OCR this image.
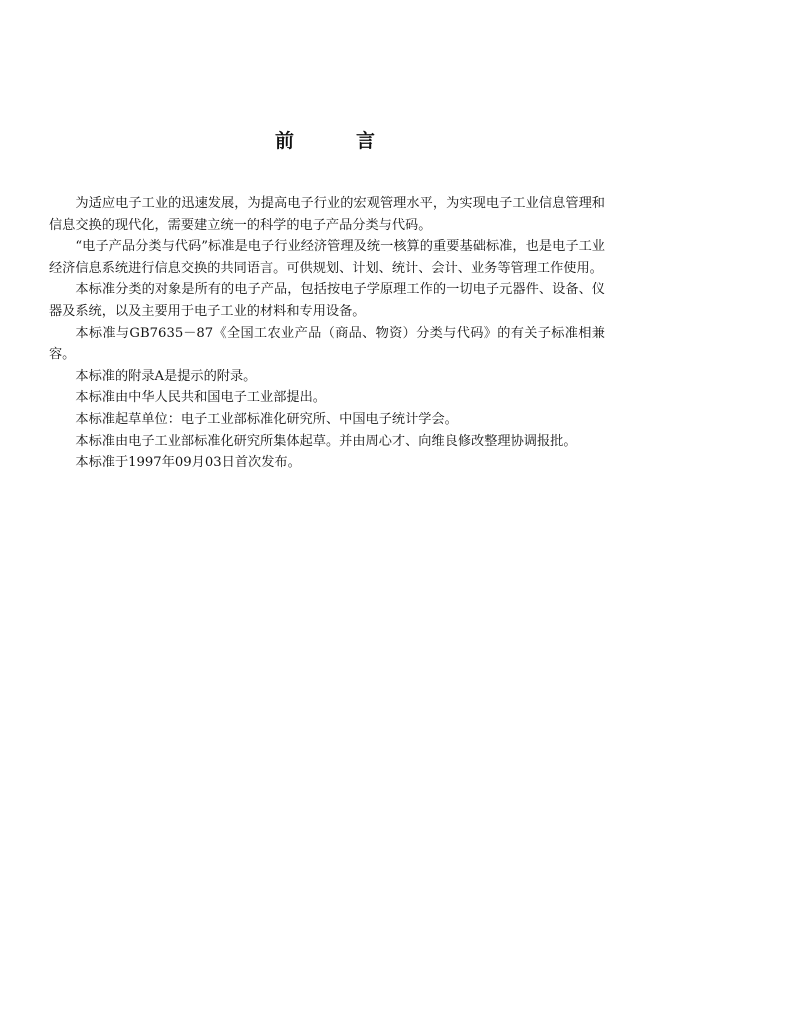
前言

为适应电子工业的迅速发展，为提高电子行业的宏观管理水平，为实现电子工业信息管理和信息交换的现代化，需要建立统一的科学的电子产品分类与代码。

“电子产品分类与代码”标准是电子行业经济管理及统一核算的重要基础标准，也是电子工业经济信息系统进行信息交换的共同语言。可供规划、计划、统计、会计、业务等管理工作使用。

本标准分类的对象是所有的电子产品，包括按电子学原理工作的一切电子元器件、设备、仪器及系统，以及主要用于电子工业的材料和专用设备。

本标准与GB7635－87《全国工农业产品（商品、物资）分类与代码》的有关子标准相兼容。

本标准的附录A是提示的附录。

本标准由中华人民共和国电子工业部提出。

本标准起草单位：电子工业部标准化研究所、中国电子统计学会。

本标准由电子工业部标准化研究所集体起草。并由周心才、向维良修改整理协调报批。

本标准于1997年09月03日首次发布。
